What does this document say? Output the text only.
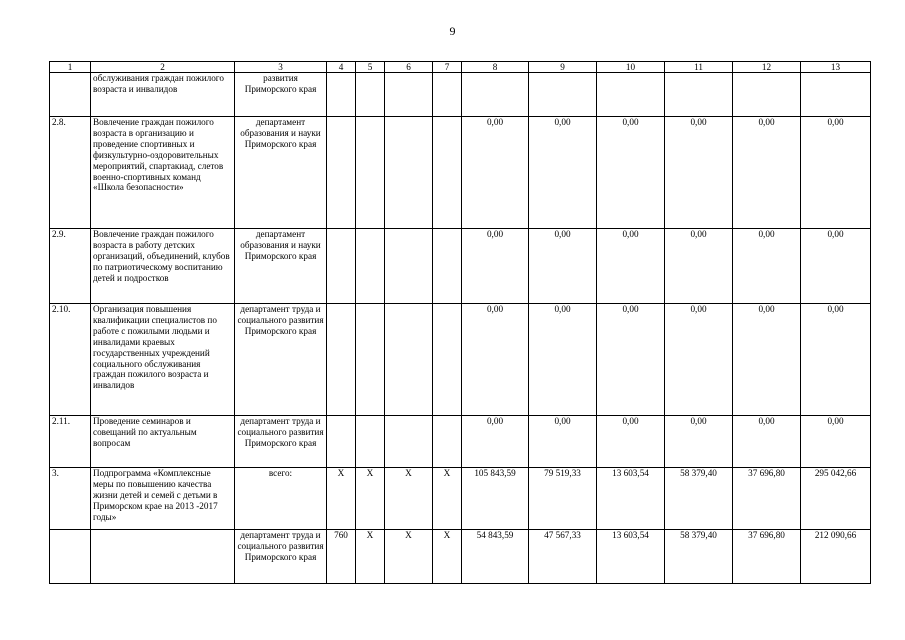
9
1	2	3	4	5	6	7	8	9	10	11	12	13
	обслуживания граждан пожилого возраста и инвалидов	развития Приморского края										
2.8.	Вовлечение граждан пожилого возраста в организацию и проведение спортивных и физкультурно-оздоровительных мероприятий, спартакиад, слетов военно-спортивных команд «Школа безопасности»	департамент образования и науки Приморского края					0,00	0,00	0,00	0,00	0,00	0,00
2.9.	Вовлечение граждан пожилого возраста в работу детских организаций, объединений, клубов по патриотическому воспитанию детей и подростков	департамент образования и науки Приморского края					0,00	0,00	0,00	0,00	0,00	0,00
2.10.	Организация повышения квалификации специалистов по работе с пожилыми людьми и инвалидами краевых государственных учреждений социального обслуживания граждан пожилого возраста и инвалидов	департамент труда и социального развития Приморского края					0,00	0,00	0,00	0,00	0,00	0,00
2.11.	Проведение семинаров и совещаний по актуальным вопросам	департамент труда и социального развития Приморского края					0,00	0,00	0,00	0,00	0,00	0,00
3.	Подпрограмма «Комплексные меры по повышению качества жизни детей и семей с детьми в Приморском крае на 2013 -2017 годы»	всего:	Х	Х	Х	Х	105 843,59	79 519,33	13 603,54	58 379,40	37 696,80	295 042,66
		департамент труда и социального развития Приморского края	760	Х	Х	Х	54 843,59	47 567,33	13 603,54	58 379,40	37 696,80	212 090,66
